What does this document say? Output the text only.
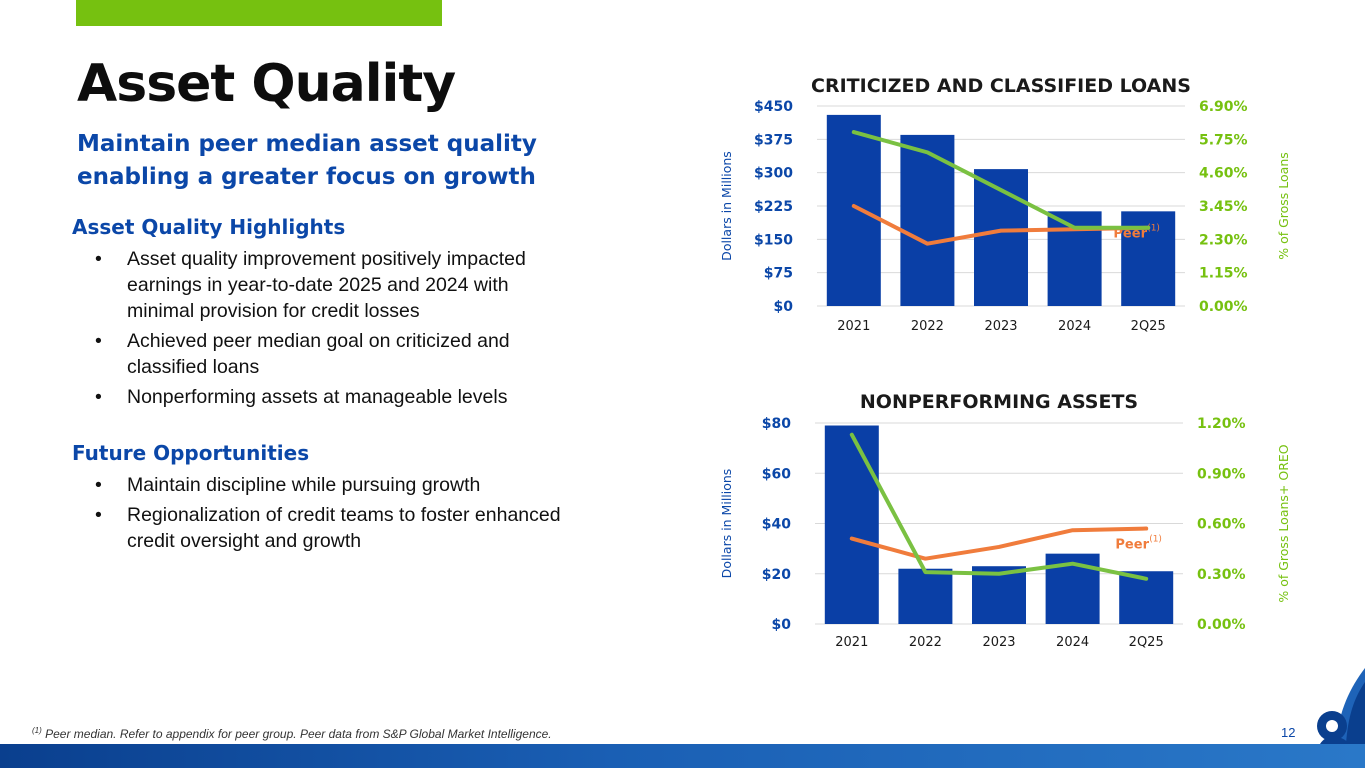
Asset Quality
Maintain peer median asset quality enabling a greater focus on growth
Asset Quality Highlights
• Asset quality improvement positively impacted earnings in year-to-date 2025 and 2024 with minimal provision for credit losses
• Achieved peer median goal on criticized and classified loans
• Nonperforming assets at manageable levels
Future Opportunities
• Maintain discipline while pursuing growth
• Regionalization of credit teams to foster enhanced credit oversight and growth
CRITICIZED AND CLASSIFIED LOANS
$0	0.00%
$75	1.15%
$150	2.30%
$225	3.45%
$300	4.60%
$375	5.75%
$450	6.90%
Dollars in Millions	% of Gross Loans
2021	2022	2023	2024	2Q25
Peer (1)
NONPERFORMING ASSETS
$0	0.00%
$20	0.30%
$40	0.60%
$60	0.90%
$80	1.20%
Dollars in Millions	% of Gross Loans+ OREO
2021	2022	2023	2024	2Q25
Peer (1)
$^{(1)}$ Peer median. Refer to appendix for peer group. Peer data from S&P Global Market Intelligence.	12
